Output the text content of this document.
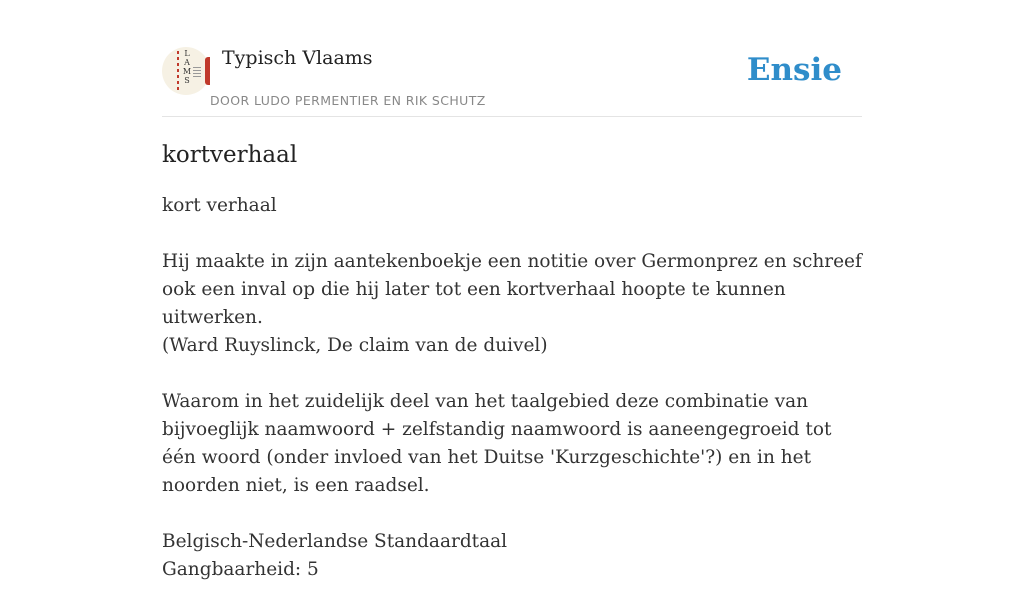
L A M S
Typisch Vlaams
DOOR LUDO PERMENTIER EN RIK SCHUTZ
Ensie
kortverhaal

kort verhaal

Hij maakte in zijn aantekenboekje een notitie over Germonprez en schreef ook een inval op die hij later tot een kortverhaal hoopte te kunnen uitwerken.
(Ward Ruyslinck, De claim van de duivel)

Waarom in het zuidelijk deel van het taalgebied deze combinatie van bijvoeglijk naamwoord + zelfstandig naamwoord is aaneengegroeid tot één woord (onder invloed van het Duitse 'Kurzgeschichte'?) en in het noorden niet, is een raadsel.

Belgisch-Nederlandse Standaardtaal
Gangbaarheid: 5
